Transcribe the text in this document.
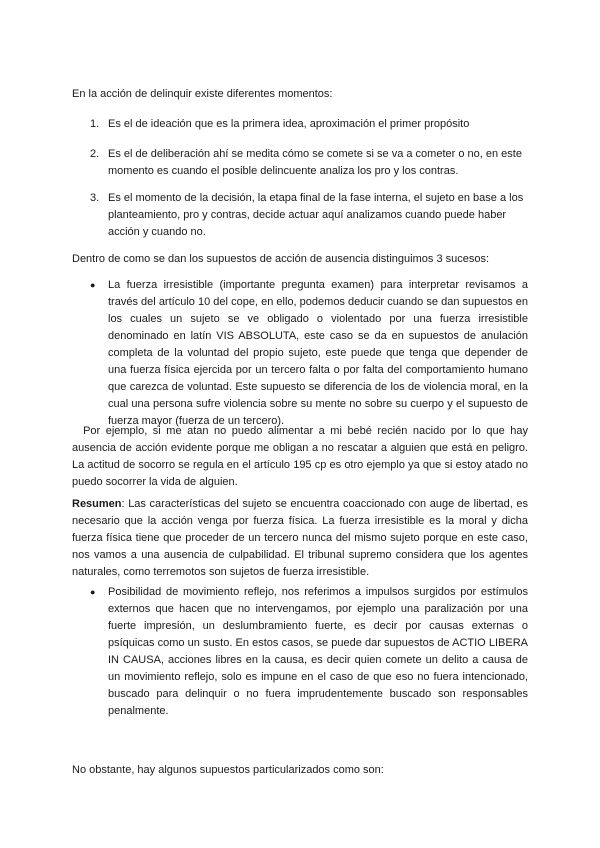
En la acción de delinquir existe diferentes momentos:

1. Es el de ideación que es la primera idea, aproximación el primer propósito
2. Es el de deliberación ahí se medita cómo se comete si se va a cometer o no, en este momento es cuando el posible delincuente analiza los pro y los contras.
3. Es el momento de la decisión, la etapa final de la fase interna, el sujeto en base a los planteamiento, pro y contras, decide actuar aquí analizamos cuando puede haber acción y cuando no.

Dentro de como se dan los supuestos de acción de ausencia distinguimos 3 sucesos:

●	La fuerza irresistible (importante pregunta examen) para interpretar revisamos a través del artículo 10 del cope, en ello, podemos deducir cuando se dan supuestos en los cuales un sujeto se ve obligado o violentado por una fuerza irresistible denominado en latín VIS ABSOLUTA, este caso se da en supuestos de anulación completa de la voluntad del propio sujeto, este puede que tenga que depender de una fuerza física ejercida por un tercero falta o por falta del comportamiento humano que carezca de voluntad. Este supuesto se diferencia de los de violencia moral, en la cual una persona sufre violencia sobre su mente no sobre su cuerpo y el supuesto de fuerza mayor (fuerza de un tercero).

Por ejemplo, si me atan no puedo alimentar a mi bebé recién nacido por lo que hay ausencia de acción evidente porque me obligan a no rescatar a alguien que está en peligro. La actitud de socorro se regula en el artículo 195 cp es otro ejemplo ya que si estoy atado no puedo socorrer la vida de alguien.

Resumen: Las características del sujeto se encuentra coaccionado con auge de libertad, es necesario que la acción venga por fuerza física. La fuerza irresistible es la moral y dicha fuerza física tiene que proceder de un tercero nunca del mismo sujeto porque en este caso, nos vamos a una ausencia de culpabilidad. El tribunal supremo considera que los agentes naturales, como terremotos son sujetos de fuerza irresistible.

●	Posibilidad de movimiento reflejo, nos referimos a impulsos surgidos por estímulos externos que hacen que no intervengamos, por ejemplo una paralización por una fuerte impresión, un deslumbramiento fuerte, es decir por causas externas o psíquicas como un susto. En estos casos, se puede dar supuestos de ACTIO LIBERA IN CAUSA, acciones libres en la causa, es decir quien comete un delito a causa de un movimiento reflejo, solo es impune en el caso de que eso no fuera intencionado, buscado para delinquir o no fuera imprudentemente buscado son responsables penalmente.

No obstante, hay algunos supuestos particularizados como son:
